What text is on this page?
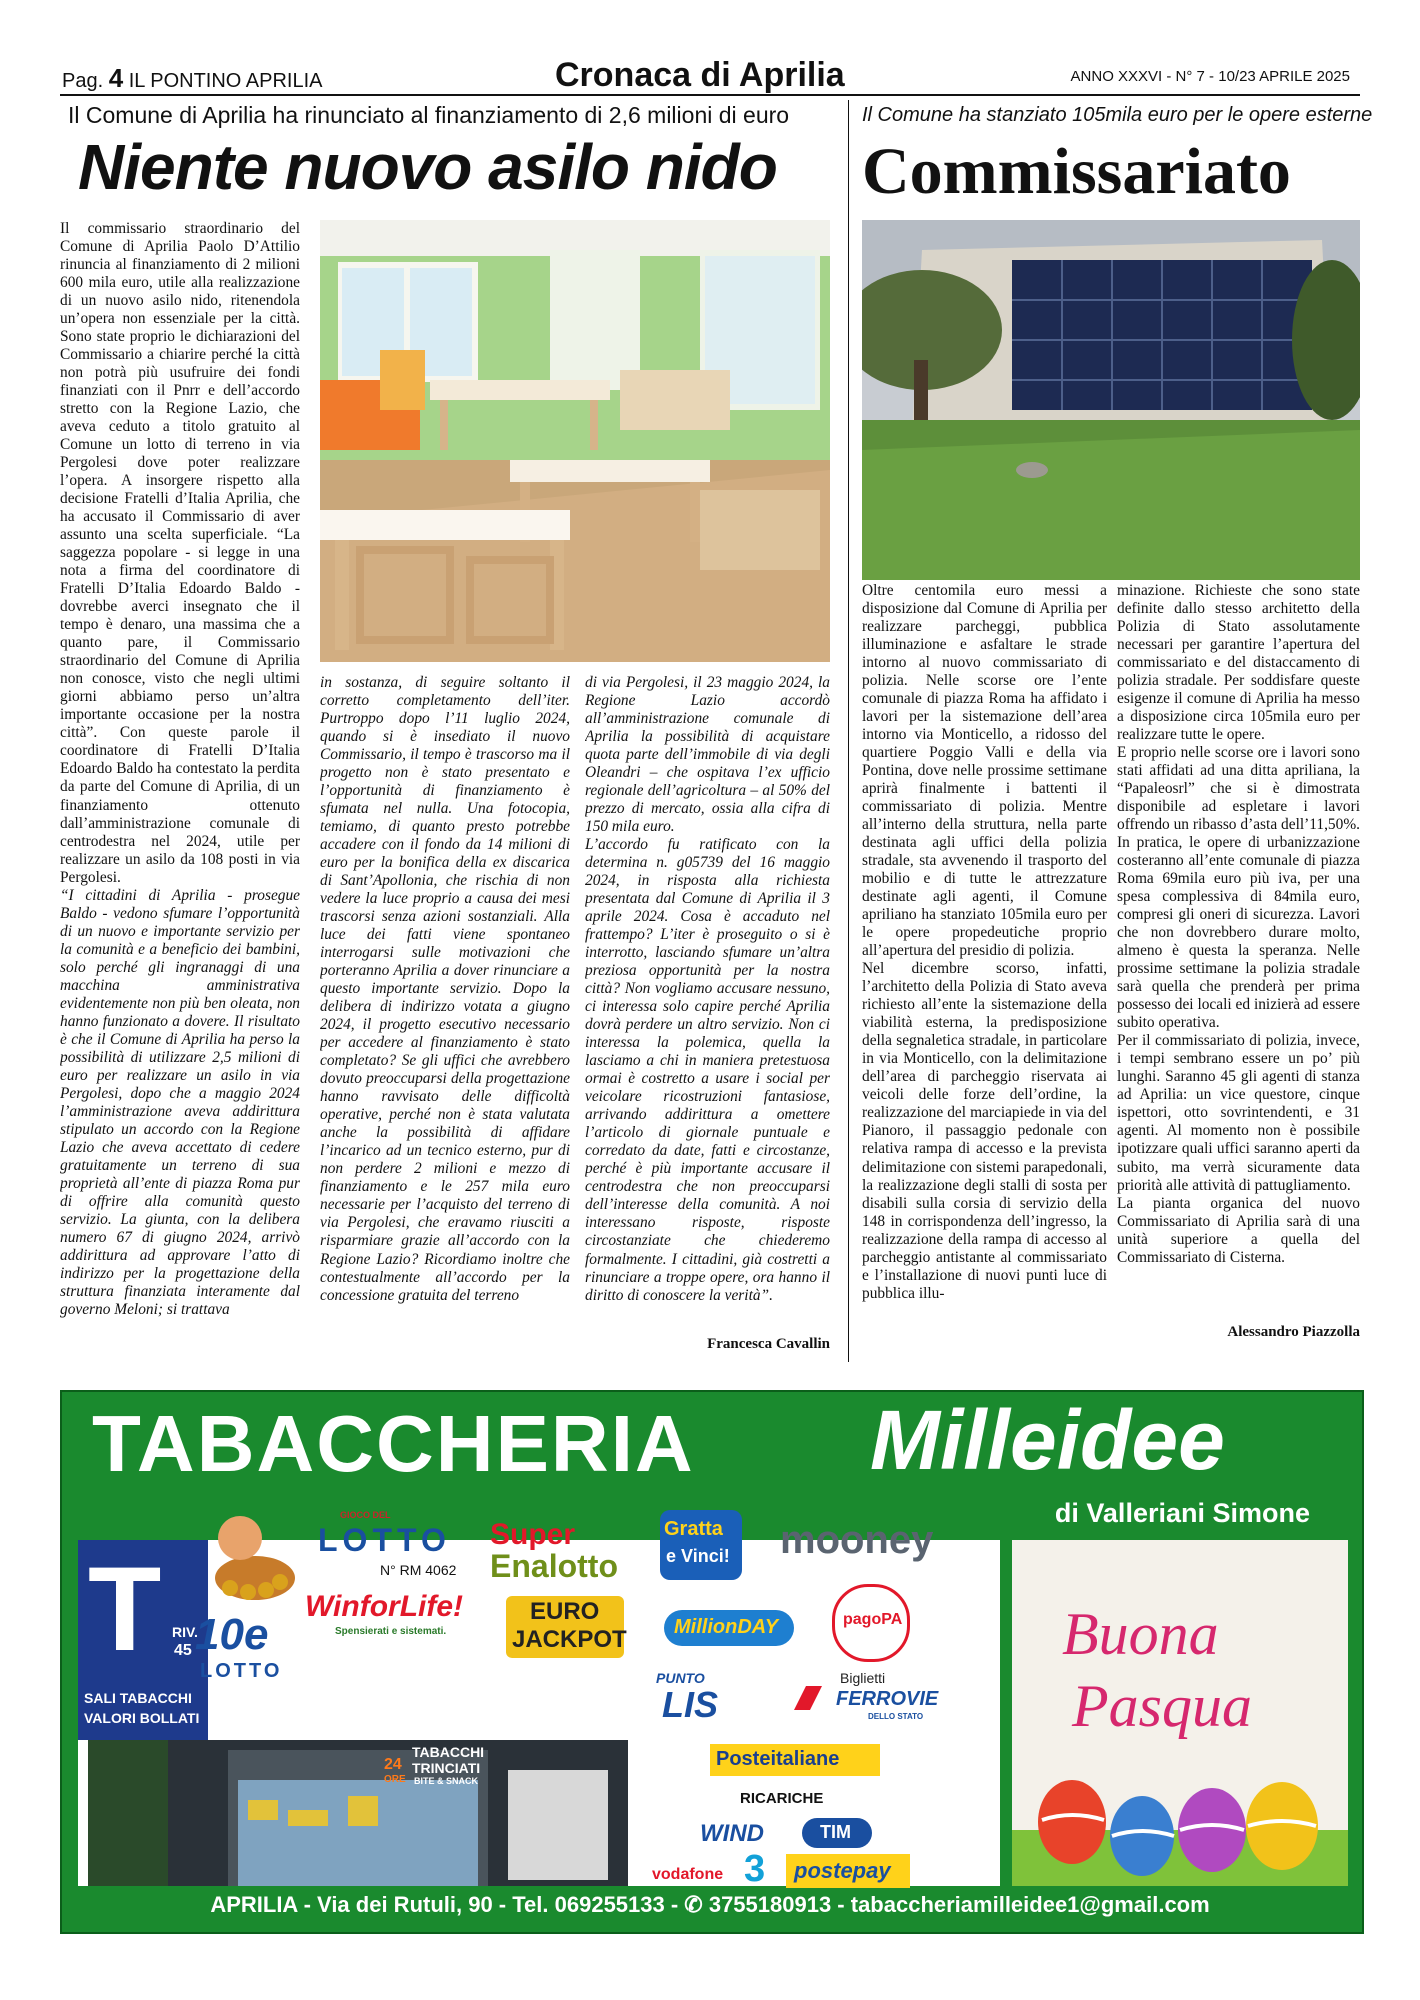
Pag. 4 IL PONTINO APRILIA	Cronaca di Aprilia	ANNO XXXVI - N° 7 - 10/23 APRILE 2025
Il Comune di Aprilia ha rinunciato al finanziamento di 2,6 milioni di euro
Niente nuovo asilo nido

Il commissario straordinario del Comune di Aprilia Paolo D’Attilio rinuncia al finanziamento di 2 milioni 600 mila euro, utile alla realizzazione di un nuovo asilo nido, ritenendola un’opera non essenziale per la città. Sono state proprio le dichiarazioni del Commissario a chiarire perché la città non potrà più usufruire dei fondi finanziati con il Pnrr e dell’accordo stretto con la Regione Lazio, che aveva ceduto a titolo gratuito al Comune un lotto di terreno in via Pergolesi dove poter realizzare l’opera. A insorgere rispetto alla decisione Fratelli d’Italia Aprilia, che ha accusato il Commissario di aver assunto una scelta superficiale. “La saggezza popolare - si legge in una nota a firma del coordinatore di Fratelli D’Italia Edoardo Baldo - dovrebbe averci insegnato che il tempo è denaro, una massima che a quanto pare, il Commissario straordinario del Comune di Aprilia non conosce, visto che negli ultimi giorni abbiamo perso un’altra importante occasione per la nostra città”. Con queste parole il coordinatore di Fratelli D’Italia Edoardo Baldo ha contestato la perdita da parte del Comune di Aprilia, di un finanziamento ottenuto dall’amministrazione comunale di centrodestra nel 2024, utile per realizzare un asilo da 108 posti in via Pergolesi.

“I cittadini di Aprilia - prosegue Baldo - vedono sfumare l’opportunità di un nuovo e importante servizio per la comunità e a beneficio dei bambini, solo perché gli ingranaggi di una macchina amministrativa evidentemente non più ben oleata, non hanno funzionato a dovere. Il risultato è che il Comune di Aprilia ha perso la possibilità di utilizzare 2,5 milioni di euro per realizzare un asilo in via Pergolesi, dopo che a maggio 2024 l’amministrazione aveva addirittura stipulato un accordo con la Regione Lazio che aveva accettato di cedere gratuitamente un terreno di sua proprietà all’ente di piazza Roma pur di offrire alla comunità questo servizio. La giunta, con la delibera numero 67 di giugno 2024, arrivò addirittura ad approvare l’atto di indirizzo per la progettazione della struttura finanziata interamente dal governo Meloni; si trattava

in sostanza, di seguire soltanto il corretto completamento dell’iter. Purtroppo dopo l’11 luglio 2024, quando si è insediato il nuovo Commissario, il tempo è trascorso ma il progetto non è stato presentato e l’opportunità di finanziamento è sfumata nel nulla. Una fotocopia, temiamo, di quanto presto potrebbe accadere con il fondo da 14 milioni di euro per la bonifica della ex discarica di Sant’Apollonia, che rischia di non vedere la luce proprio a causa dei mesi trascorsi senza azioni sostanziali. Alla luce dei fatti viene spontaneo interrogarsi sulle motivazioni che porteranno Aprilia a dover rinunciare a questo importante servizio. Dopo la delibera di indirizzo votata a giugno 2024, il progetto esecutivo necessario per accedere al finanziamento è stato completato? Se gli uffici che avrebbero dovuto preoccuparsi della progettazione hanno ravvisato delle difficoltà operative, perché non è stata valutata anche la possibilità di affidare l’incarico ad un tecnico esterno, pur di non perdere 2 milioni e mezzo di finanziamento e le 257 mila euro necessarie per l’acquisto del terreno di via Pergolesi, che eravamo riusciti a risparmiare grazie all’accordo con la Regione Lazio? Ricordiamo inoltre che contestualmente all’accordo per la concessione gratuita del terreno

di via Pergolesi, il 23 maggio 2024, la Regione Lazio accordò all’amministrazione comunale di Aprilia la possibilità di acquistare quota parte dell’immobile di via degli Oleandri – che ospitava l’ex ufficio regionale dell’agricoltura – al 50% del prezzo di mercato, ossia alla cifra di 150 mila euro.

L’accordo fu ratificato con la determina n. g05739 del 16 maggio 2024, in risposta alla richiesta presentata dal Comune di Aprilia il 3 aprile 2024. Cosa è accaduto nel frattempo? L’iter è proseguito o si è interrotto, lasciando sfumare un’altra preziosa opportunità per la nostra città? Non vogliamo accusare nessuno, ci interessa solo capire perché Aprilia dovrà perdere un altro servizio. Non ci interessa la polemica, quella la lasciamo a chi in maniera pretestuosa ormai è costretto a usare i social per veicolare ricostruzioni fantasiose, arrivando addirittura a omettere l’articolo di giornale puntuale e corredato da date, fatti e circostanze, perché è più importante accusare il centrodestra che non preoccuparsi dell’interesse della comunità. A noi interessano risposte, risposte circostanziate che chiederemo formalmente. I cittadini, già costretti a rinunciare a troppe opere, ora hanno il diritto di conoscere la verità”.

Francesca Cavallin
Il Comune ha stanziato 105mila euro per le opere esterne
Commissariato

Oltre centomila euro messi a disposizione dal Comune di Aprilia per realizzare parcheggi, pubblica illuminazione e asfaltare le strade intorno al nuovo commissariato di polizia. Nelle scorse ore l’ente comunale di piazza Roma ha affidato i lavori per la sistemazione dell’area intorno via Monticello, a ridosso del quartiere Poggio Valli e della via Pontina, dove nelle prossime settimane aprirà finalmente i battenti il commissariato di polizia. Mentre all’interno della struttura, nella parte destinata agli uffici della polizia stradale, sta avvenendo il trasporto del mobilio e di tutte le attrezzature destinate agli agenti, il Comune apriliano ha stanziato 105mila euro per le opere propedeutiche proprio all’apertura del presidio di polizia.

Nel dicembre scorso, infatti, l’architetto della Polizia di Stato aveva richiesto all’ente la sistemazione della viabilità esterna, la predisposizione della segnaletica stradale, in particolare in via Monticello, con la delimitazione dell’area di parcheggio riservata ai veicoli delle forze dell’ordine, la realizzazione del marciapiede in via del Pianoro, il passaggio pedonale con relativa rampa di accesso e la prevista delimitazione con sistemi parapedonali, la realizzazione degli stalli di sosta per disabili sulla corsia di servizio della 148 in corrispondenza dell’ingresso, la realizzazione della rampa di accesso al parcheggio antistante al commissariato e l’installazione di nuovi punti luce di pubblica illu-

minazione. Richieste che sono state definite dallo stesso architetto della Polizia di Stato assolutamente necessari per garantire l’apertura del commissariato e del distaccamento di polizia stradale. Per soddisfare queste esigenze il comune di Aprilia ha messo a disposizione circa 105mila euro per realizzare tutte le opere.

E proprio nelle scorse ore i lavori sono stati affidati ad una ditta apriliana, la “Papaleosrl” che si è dimostrata disponibile ad espletare i lavori offrendo un ribasso d’asta dell’11,50%. In pratica, le opere di urbanizzazione costeranno all’ente comunale di piazza Roma 69mila euro più iva, per una spesa complessiva di 84mila euro, compresi gli oneri di sicurezza. Lavori che non dovrebbero durare molto, almeno è questa la speranza. Nelle prossime settimane la polizia stradale sarà quella che prenderà per prima possesso dei locali ed inizierà ad essere subito operativa.

Per il commissariato di polizia, invece, i tempi sembrano essere un po’ più lunghi. Saranno 45 gli agenti di stanza ad Aprilia: un vice questore, cinque ispettori, otto sovrintendenti, e 31 agenti. Al momento non è possibile ipotizzare quali uffici saranno aperti da subito, ma verrà sicuramente data priorità alle attività di pattugliamento.

La pianta organica del nuovo Commissariato di Aprilia sarà di una unità superiore a quella del Commissariato di Cisterna.

Alessandro Piazzolla
TABACCHERIA Milleidee
di Valleriani Simone
T RIV.
45
SALI TABACCHI
VALORI BOLLATI
GIOCO DEL
LOTTO
N° RM 4062
Super
Enalotto
Gratta
e Vinci! mooney
10e
LOTTO
WinforLife!
Spensierati e sistemati.
EURO
JACKPOT MillionDAY	pagoPA
PUNTO
LIS
Biglietti
FERROVIE
DELLO STATO
Posteitaliane
RICARICHE
WIND	TIM
vodafone 3 postepay
TABACCHI
TRINCIATI
BITE & SNACK
24
ORE
Buona
Pasqua
APRILIA - Via dei Rutuli, 90 - Tel. 069255133 - ✆ 3755180913 - tabaccheriamilleidee1@gmail.com
